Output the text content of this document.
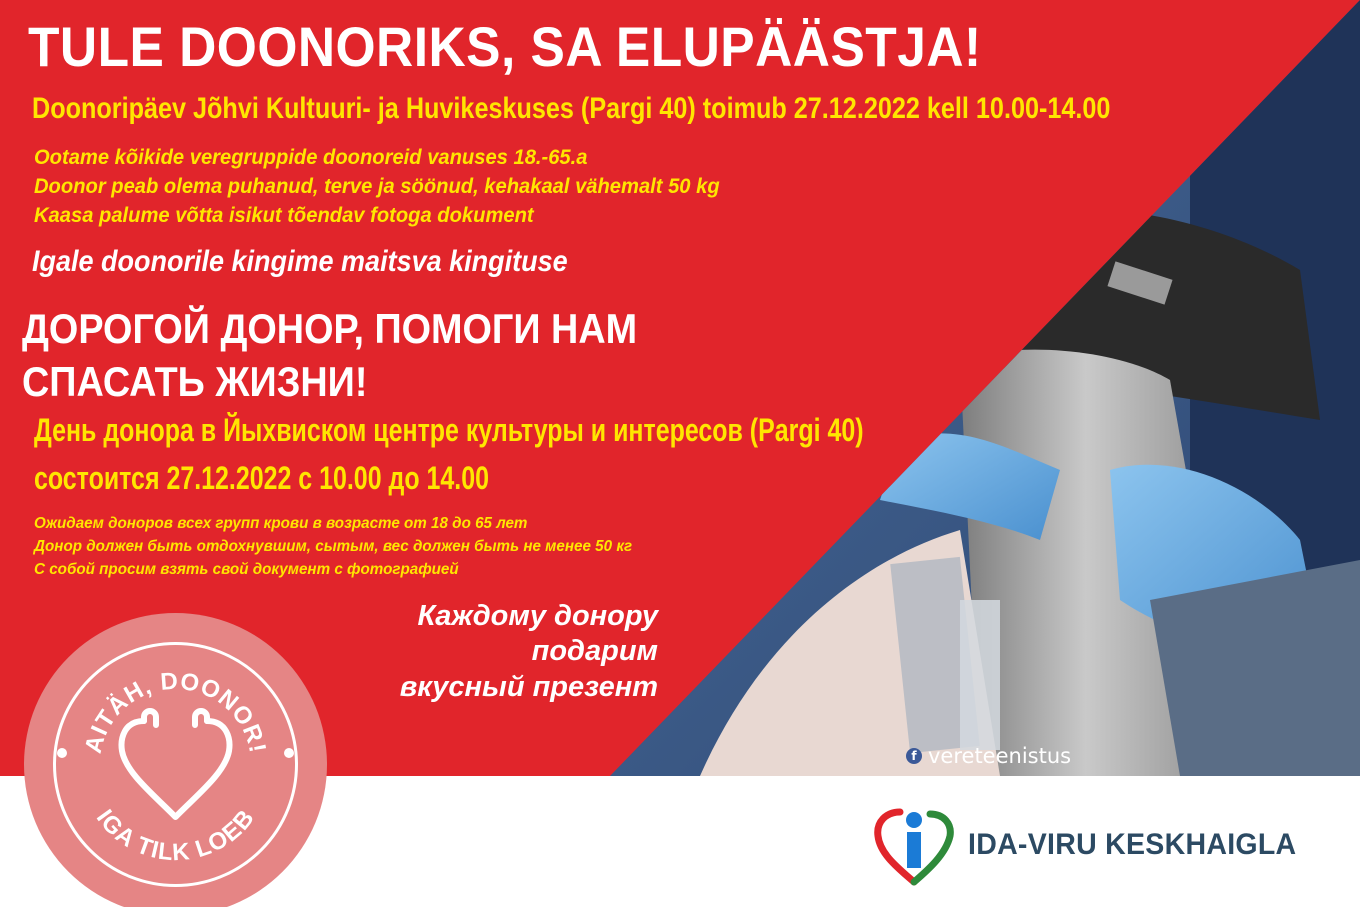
TULE DOONORIKS, SA ELUPÄÄSTJA!

Doonoripäev Jõhvi Kultuuri- ja Huvikeskuses (Pargi 40) toimub 27.12.2022 kell 10.00-14.00

Ootame kõikide veregruppide doonoreid vanuses 18.-65.a

Doonor peab olema puhanud, terve ja söönud, kehakaal vähemalt 50 kg

Kaasa palume võtta isikut tõendav fotoga dokument

Igale doonorile kingime maitsva kingituse

ДОРОГОЙ ДОНОР, ПОМОГИ НАМ
СПАСАТЬ ЖИЗНИ!

День донора в Йыхвиском центре культуры и интересов (Pargi 40)

состоится 27.12.2022 с 10.00 до 14.00

Ожидаем доноров всех групп крови в возрасте от 18 до 65 лет

Донор должен быть отдохнувшим, сытым, вес должен быть не менее 50 кг

С собой просим взять свой документ с фотографией

Каждому донору

подарим

вкусный презент

AITÄH, DOONOR!
IGA TILK LOEB
f vereteenistus
IDA-VIRU KESKHAIGLA
